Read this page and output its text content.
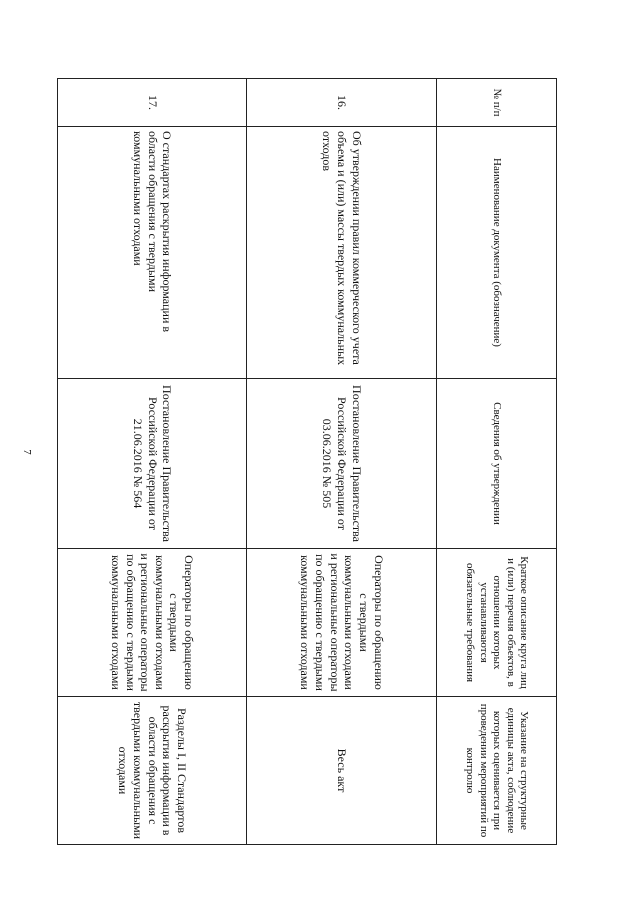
7
№ п/п	Наименование документа (обозначение)	Сведения об утверждении	Краткое описание круга лиц и (или) перечня объектов, в отношении которых устанавливаются обязательные требования	Указание на структурные единицы акта, соблюдение которых оценивается при проведении мероприятий по контролю
16.	Об утверждении правил коммерческого учета объема и (или) массы твердых коммунальных отходов	Постановление Правительства Российской Федерации от 03.06.2016 № 505	Операторы по обращению с твердыми коммунальными отходами и региональные операторы по обращению с твердыми коммунальными отходами	Весь акт
17.	О стандартах раскрытия информации в области обращения с твердыми коммунальными отходами	Постановление Правительства Российской Федерации от 21.06.2016 № 564	Операторы по обращению с твердыми коммунальными отходами и региональные операторы по обращению с твердыми коммунальными отходами	Разделы I, II Стандартов раскрытия информации в области обращения с твердыми коммунальными отходами
